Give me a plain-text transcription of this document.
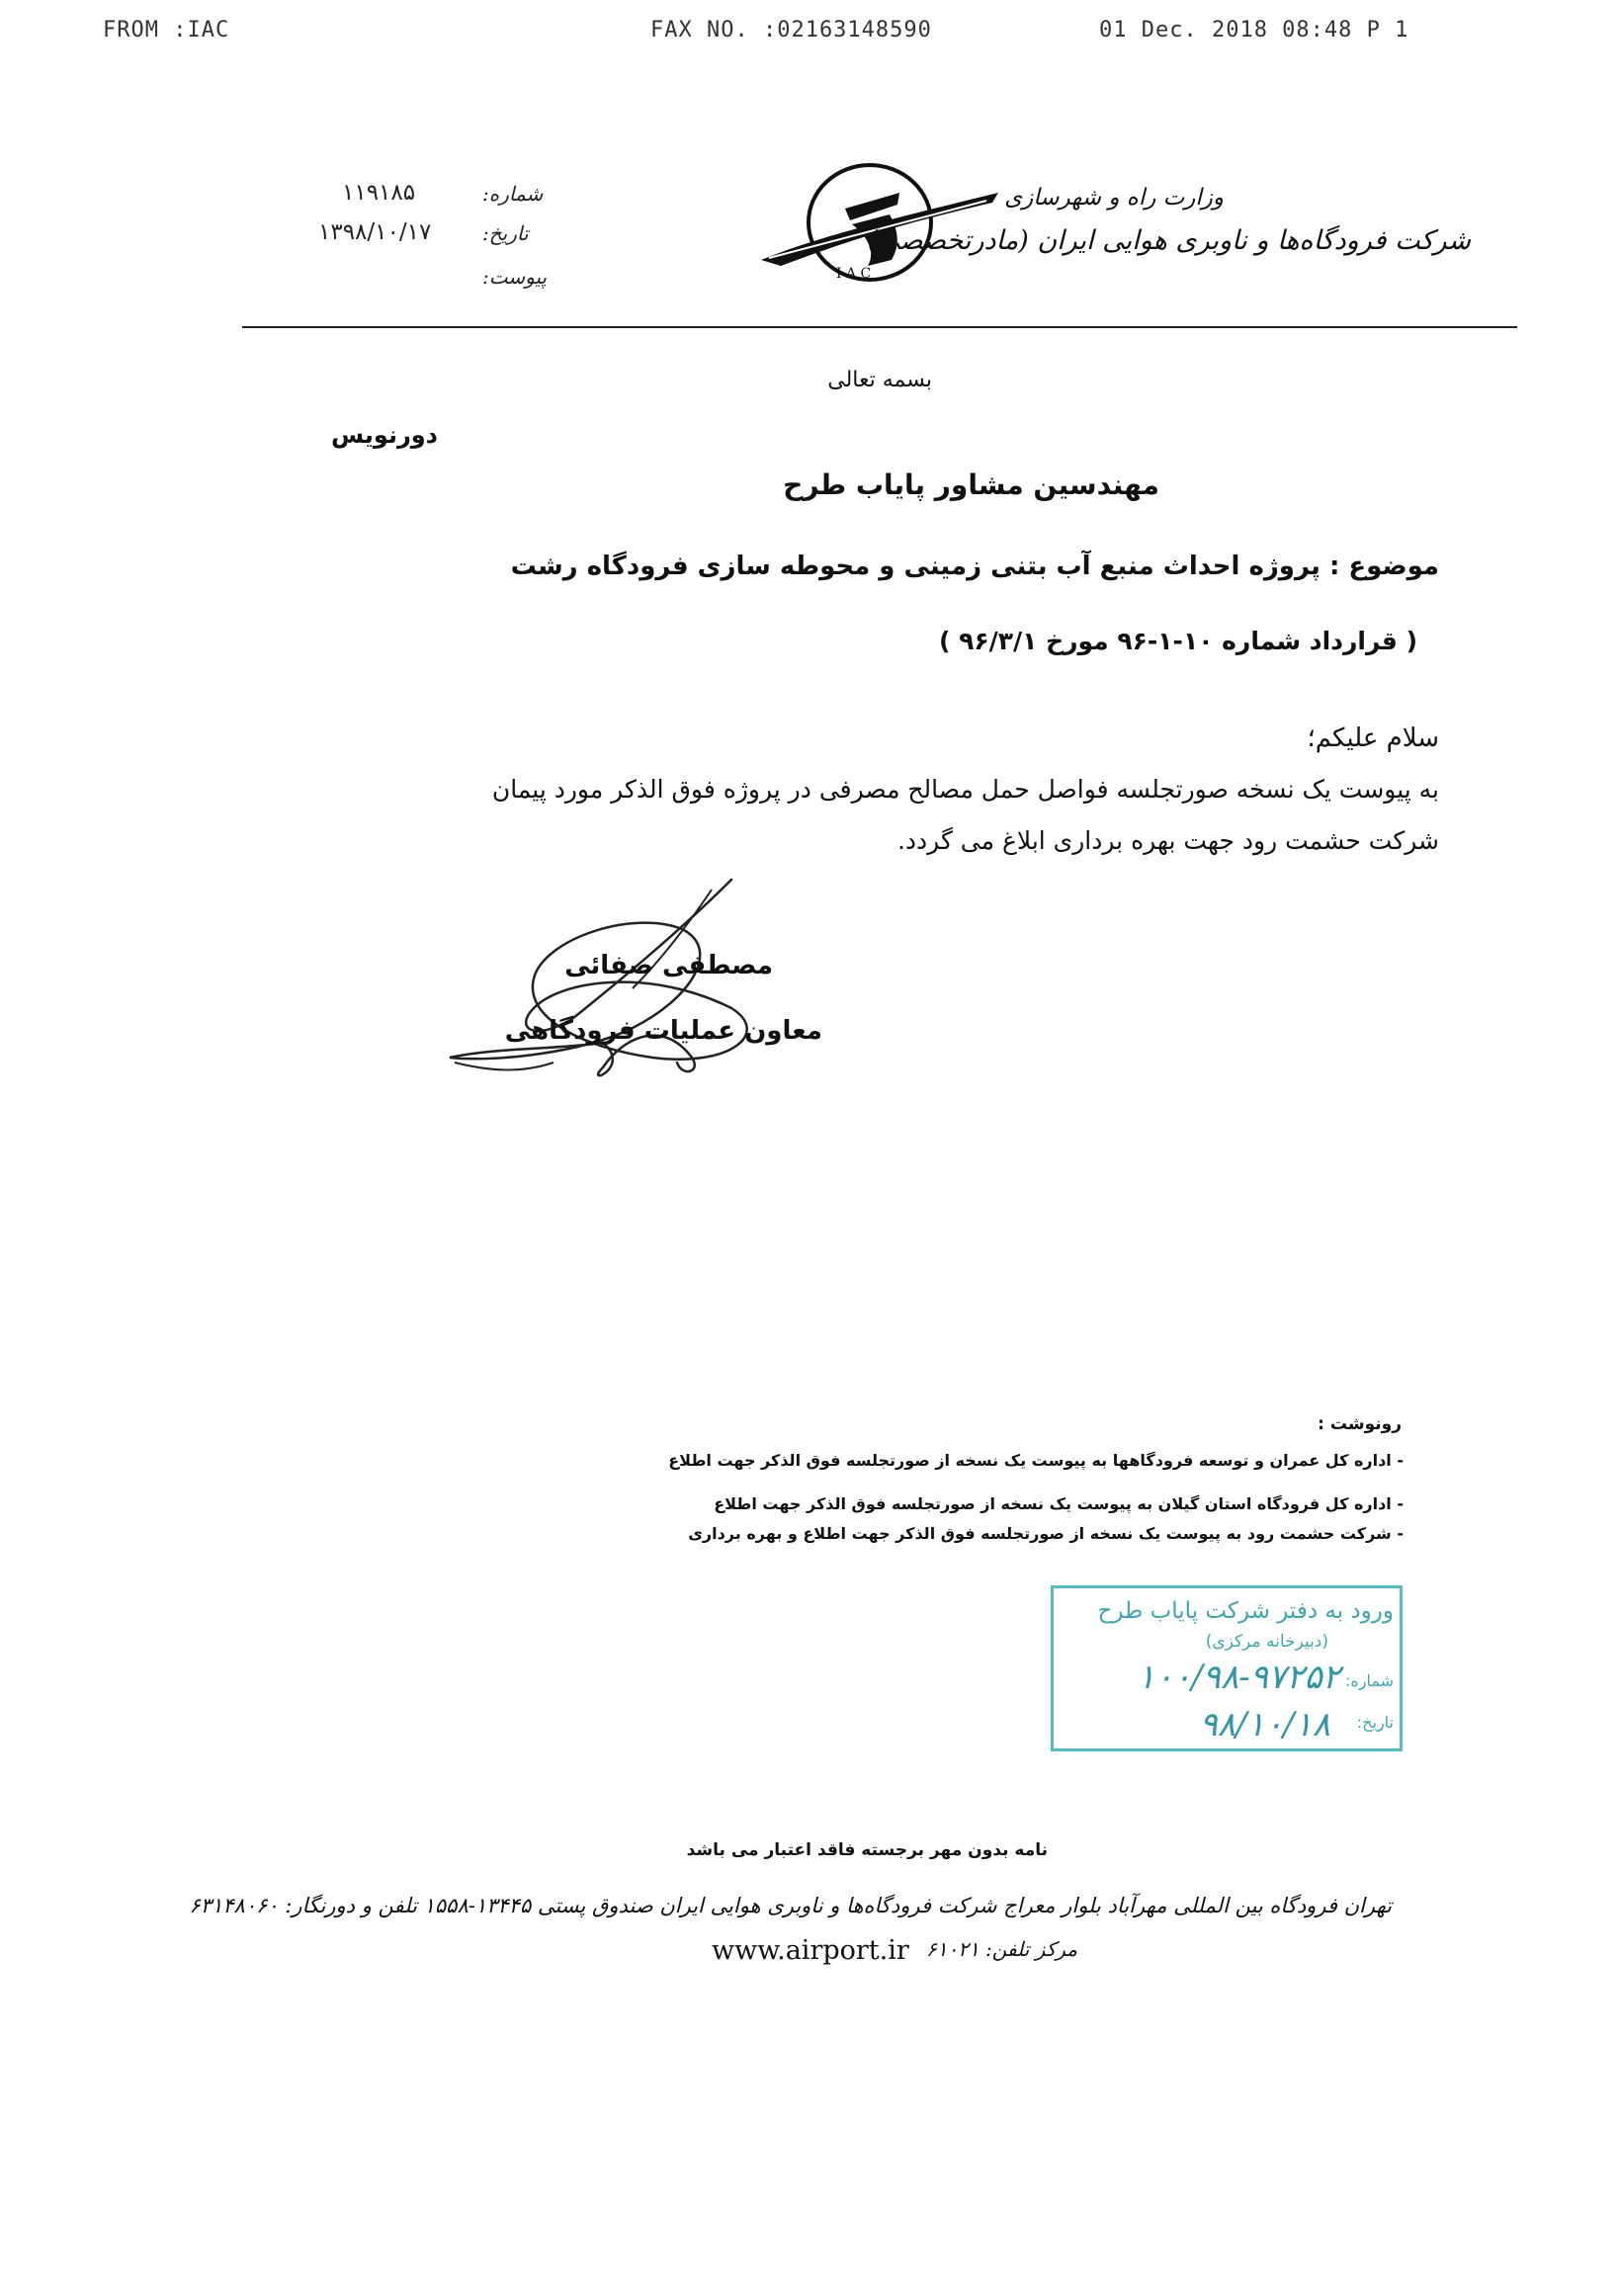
FROM :IAC	FAX NO. :02163148590	01 Dec. 2018 08:48 P 1
شماره:
۱۱۹۱۸۵
تاریخ:
۱۳۹۸/۱۰/۱۷
پیوست:	I A C
وزارت راه و شهرسازی
شرکت فرودگاه‌ها و ناوبری هوایی ایران (مادرتخصصی)
بسمه تعالی
دورنویس
مهندسین مشاور پایاب طرح
موضوع : پروژه احداث منبع آب بتنی زمینی و محوطه سازی فرودگاه رشت
( قرارداد شماره ۱۰-۱-۹۶ مورخ ۹۶/۳/۱ )
سلام علیکم؛
به پیوست یک نسخه صورتجلسه فواصل حمل مصالح مصرفی در پروژه فوق الذکر مورد پیمان
شرکت حشمت رود جهت بهره برداری ابلاغ می گردد.
مصطفی صفائی
معاون عملیات فرودگاهی
رونوشت :
- اداره کل عمران و توسعه فرودگاهها به پیوست یک نسخه از صورتجلسه فوق الذکر جهت اطلاع
- اداره کل فرودگاه استان گیلان به پیوست یک نسخه از صورتجلسه فوق الذکر جهت اطلاع
- شرکت حشمت رود به پیوست یک نسخه از صورتجلسه فوق الذکر جهت اطلاع و بهره برداری
ورود به دفتر شرکت پایاب طرح
(دبیرخانه مرکزی)
شماره:
۱۰۰/۹۸-۹۷۲۵۲
تاریخ:
۹۸/۱۰/۱۸
نامه بدون مهر برجسته فاقد اعتبار می باشد
تهران فرودگاه بین المللی مهرآباد بلوار معراج شرکت فرودگاه‌ها و ناوبری هوایی ایران صندوق پستی ۱۳۴۴۵-۱۵۵۸ تلفن و دورنگار: ۶۳۱۴۸۰۶۰
مرکز تلفن: ۶۱۰۲۱
www.airport.ir
